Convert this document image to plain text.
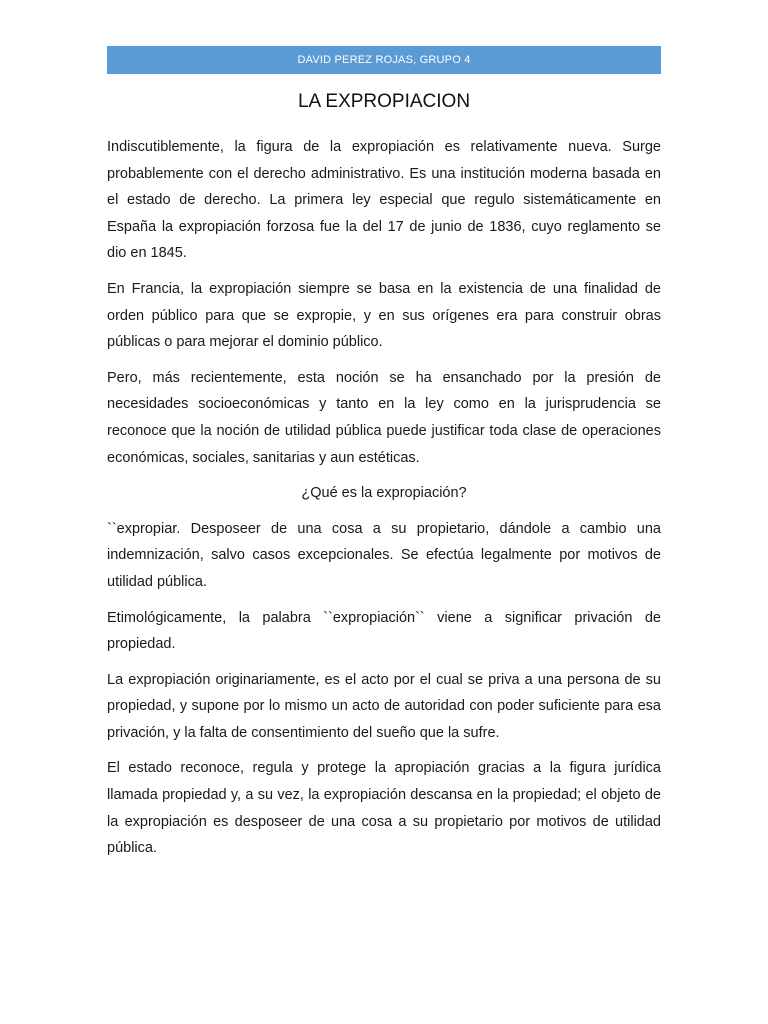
DAVID PEREZ ROJAS, GRUPO 4
LA EXPROPIACION

Indiscutiblemente, la figura de la expropiación es relativamente nueva. Surge probablemente con el derecho administrativo. Es una institución moderna basada en el estado de derecho. La primera ley especial que regulo sistemáticamente en España la expropiación forzosa fue la del 17 de junio de 1836, cuyo reglamento se dio en 1845.

En Francia, la expropiación siempre se basa en la existencia de una finalidad de orden público para que se expropie, y en sus orígenes era para construir obras públicas o para mejorar el dominio público.

Pero, más recientemente, esta noción se ha ensanchado por la presión de necesidades socioeconómicas y tanto en la ley como en la jurisprudencia se reconoce que la noción de utilidad pública puede justificar toda clase de operaciones económicas, sociales, sanitarias y aun estéticas.

¿Qué es la expropiación?

``expropiar. Desposeer de una cosa a su propietario, dándole a cambio una indemnización, salvo casos excepcionales. Se efectúa legalmente por motivos de utilidad pública.

Etimológicamente, la palabra ``expropiación`` viene a significar privación de propiedad.

La expropiación originariamente, es el acto por el cual se priva a una persona de su propiedad, y supone por lo mismo un acto de autoridad con poder suficiente para esa privación, y la falta de consentimiento del sueño que la sufre.

El estado reconoce, regula y protege la apropiación gracias a la figura jurídica llamada propiedad y, a su vez, la expropiación descansa en la propiedad; el objeto de la expropiación es desposeer de una cosa a su propietario por motivos de utilidad pública.
